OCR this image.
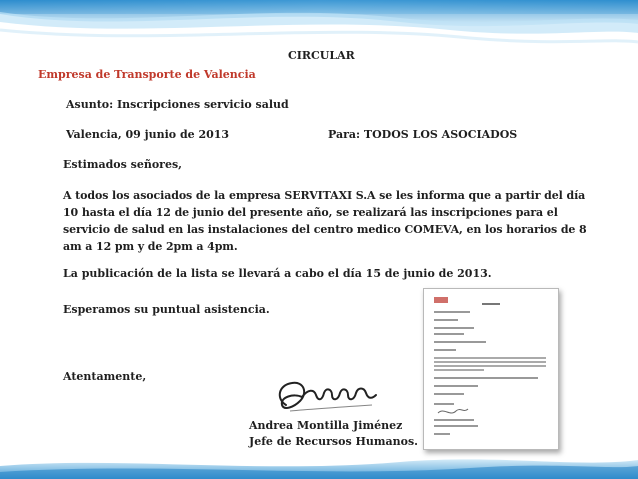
CIRCULAR
Empresa de Transporte de Valencia
Asunto: Inscripciones servicio salud
Valencia, 09 junio de 2013	Para: TODOS LOS ASOCIADOS
Estimados señores,
A todos los asociados de la empresa SERVITAXI S.A se les informa que a partir del día 10 hasta el día 12 de junio del presente año, se realizará las inscripciones para el servicio de salud en las instalaciones del centro medico COMEVA, en los horarios de 8 am a 12 pm y de 2pm a 4pm.
La publicación de la lista se llevará a cabo el día 15 de junio de 2013.
Esperamos su puntual asistencia.
Atentamente,
Andrea Montilla Jiménez
Jefe de Recursos Humanos.
